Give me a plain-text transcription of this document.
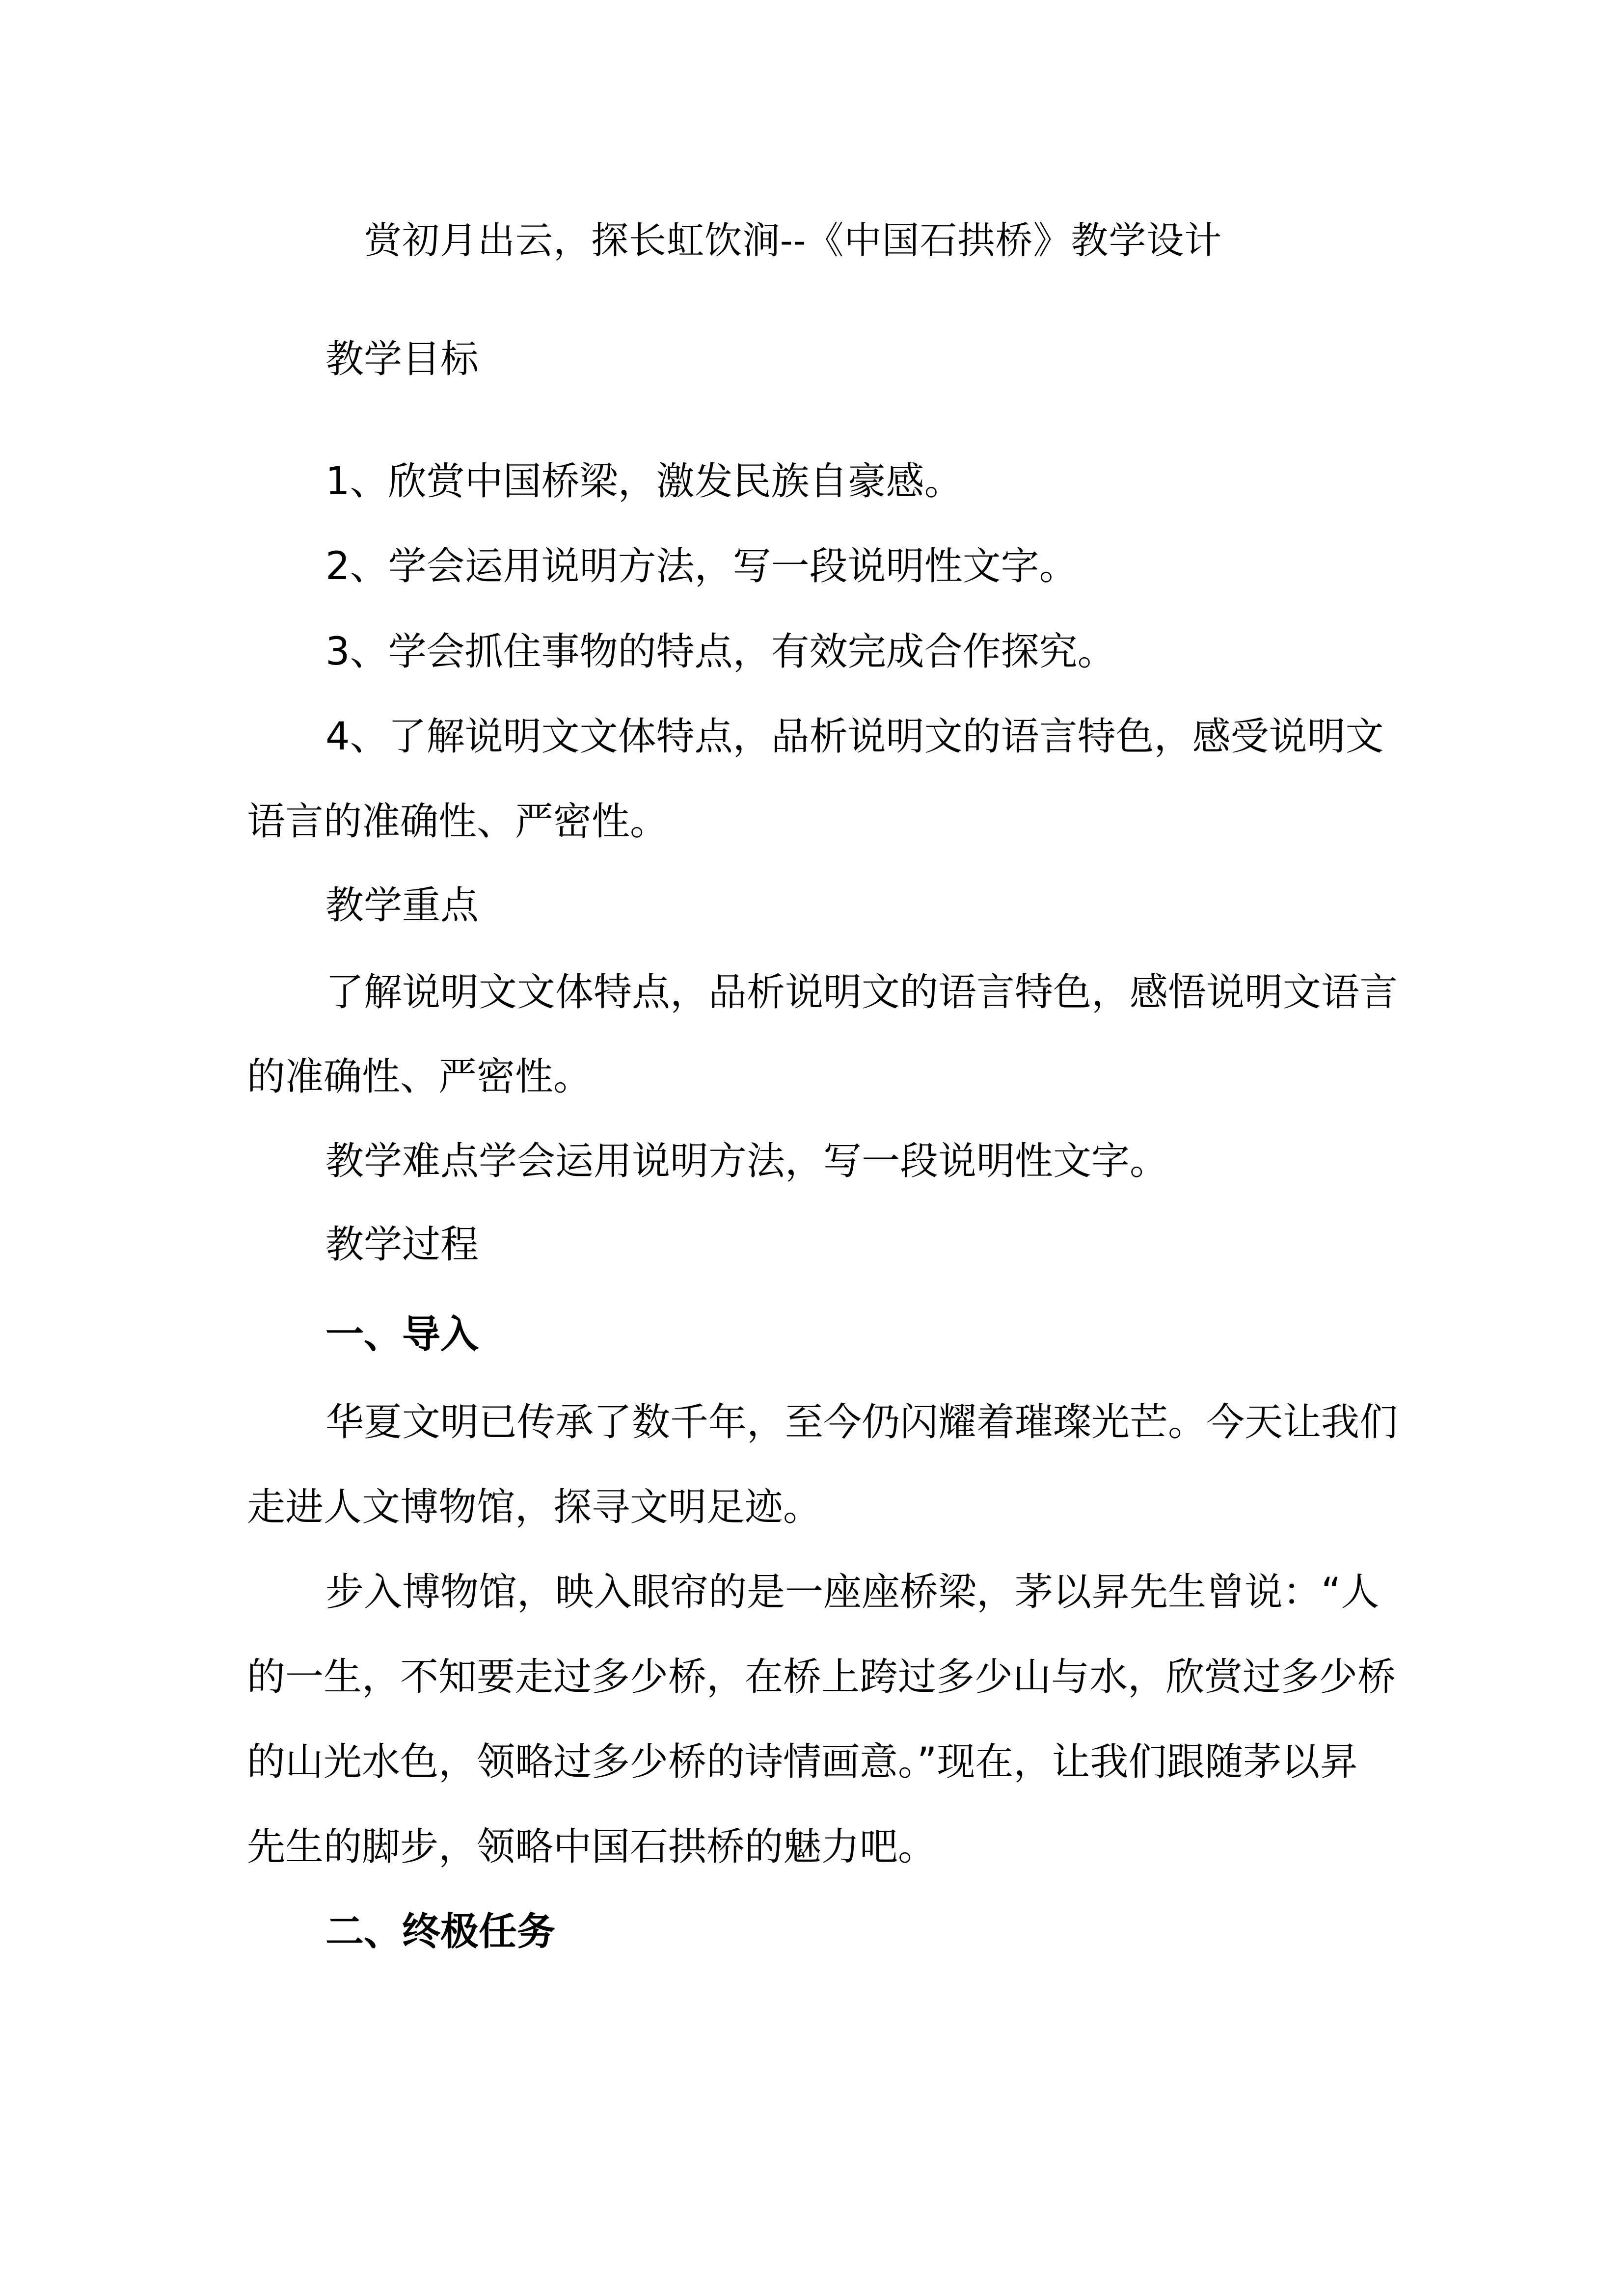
赏初月出云，探长虹饮涧--《中国石拱桥》教学设计
教学目标
1、欣赏中国桥梁，激发民族自豪感。
2、学会运用说明方法，写一段说明性文字。
3、学会抓住事物的特点，有效完成合作探究。
4、了解说明文文体特点，品析说明文的语言特色，感受说明文
语言的准确性、严密性。
教学重点
了解说明文文体特点，品析说明文的语言特色，感悟说明文语言
的准确性、严密性。
教学难点学会运用说明方法，写一段说明性文字。
教学过程
一、导入
华夏文明已传承了数千年，至今仍闪耀着璀璨光芒。今天让我们
走进人文博物馆，探寻文明足迹。
步入博物馆，映入眼帘的是一座座桥梁，茅以昇先生曾说：“人
的一生，不知要走过多少桥，在桥上跨过多少山与水，欣赏过多少桥
的山光水色，领略过多少桥的诗情画意。”现在，让我们跟随茅以昇
先生的脚步，领略中国石拱桥的魅力吧。
二、终极任务
